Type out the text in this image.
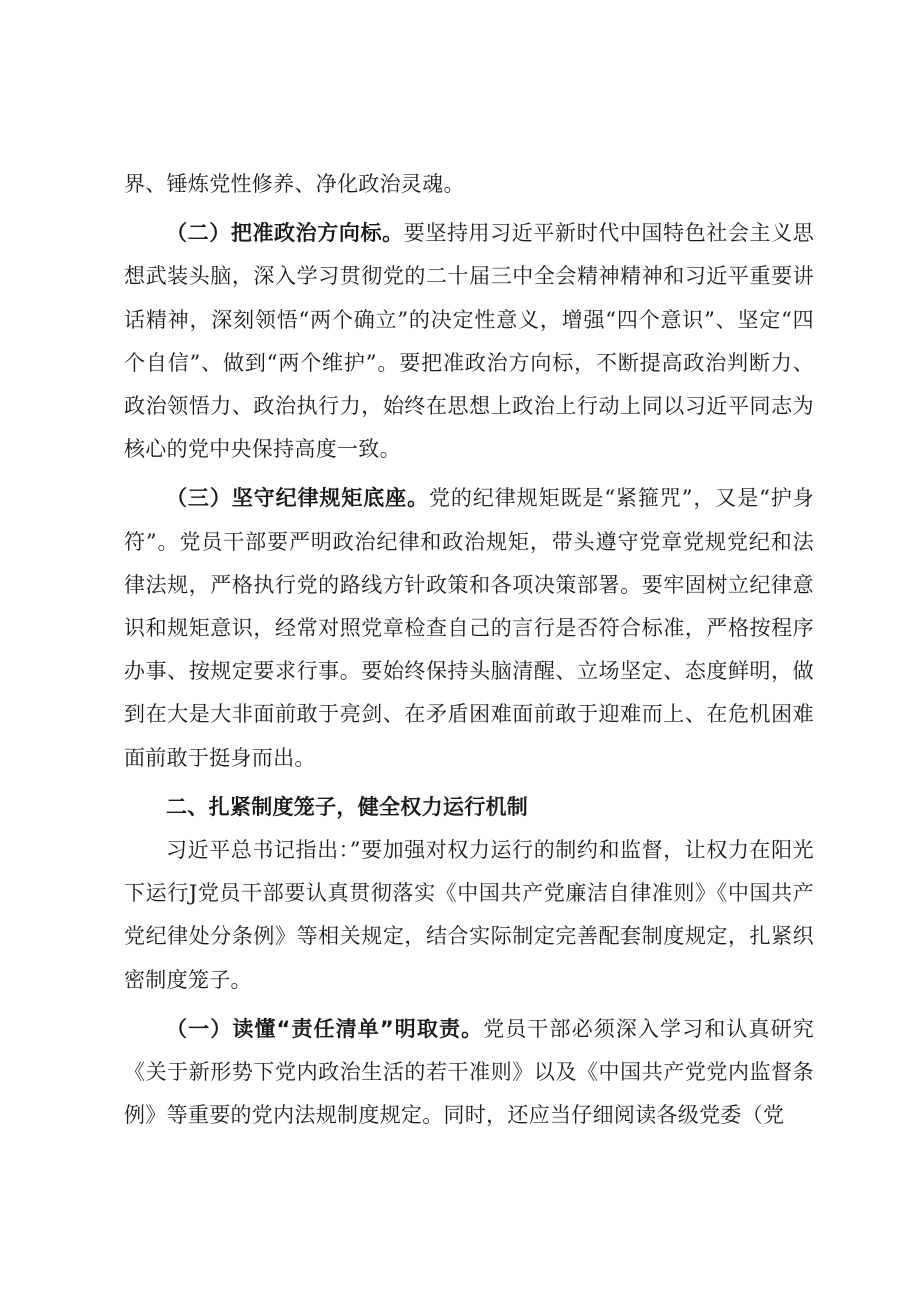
界、锤炼党性修养、净化政治灵魂。

（二）把准政治方向标。要坚持用习近平新时代中国特色社会主义思想武装头脑，深入学习贯彻党的二十届三中全会精神精神和习近平重要讲话精神，深刻领悟“两个确立”的决定性意义，增强“四个意识”、坚定“四个自信”、做到“两个维护”。要把准政治方向标，不断提高政治判断力、政治领悟力、政治执行力，始终在思想上政治上行动上同以习近平同志为核心的党中央保持高度一致。

（三）坚守纪律规矩底座。党的纪律规矩既是“紧箍咒”，又是“护身符”。党员干部要严明政治纪律和政治规矩，带头遵守党章党规党纪和法律法规，严格执行党的路线方针政策和各项决策部署。要牢固树立纪律意识和规矩意识，经常对照党章检查自己的言行是否符合标准，严格按程序办事、按规定要求行事。要始终保持头脑清醒、立场坚定、态度鲜明，做到在大是大非面前敢于亮剑、在矛盾困难面前敢于迎难而上、在危机困难面前敢于挺身而出。

二、扎紧制度笼子，健全权力运行机制

习近平总书记指出：”要加强对权力运行的制约和监督，让权力在阳光下运行J党员干部要认真贯彻落实《中国共产党廉洁自律准则》《中国共产党纪律处分条例》等相关规定，结合实际制定完善配套制度规定，扎紧织密制度笼子。

（一）读懂“责任清单”明取责。党员干部必须深入学习和认真研究《关于新形势下党内政治生活的若干准则》以及《中国共产党党内监督条例》等重要的党内法规制度规定。同时，还应当仔细阅读各级党委（党
